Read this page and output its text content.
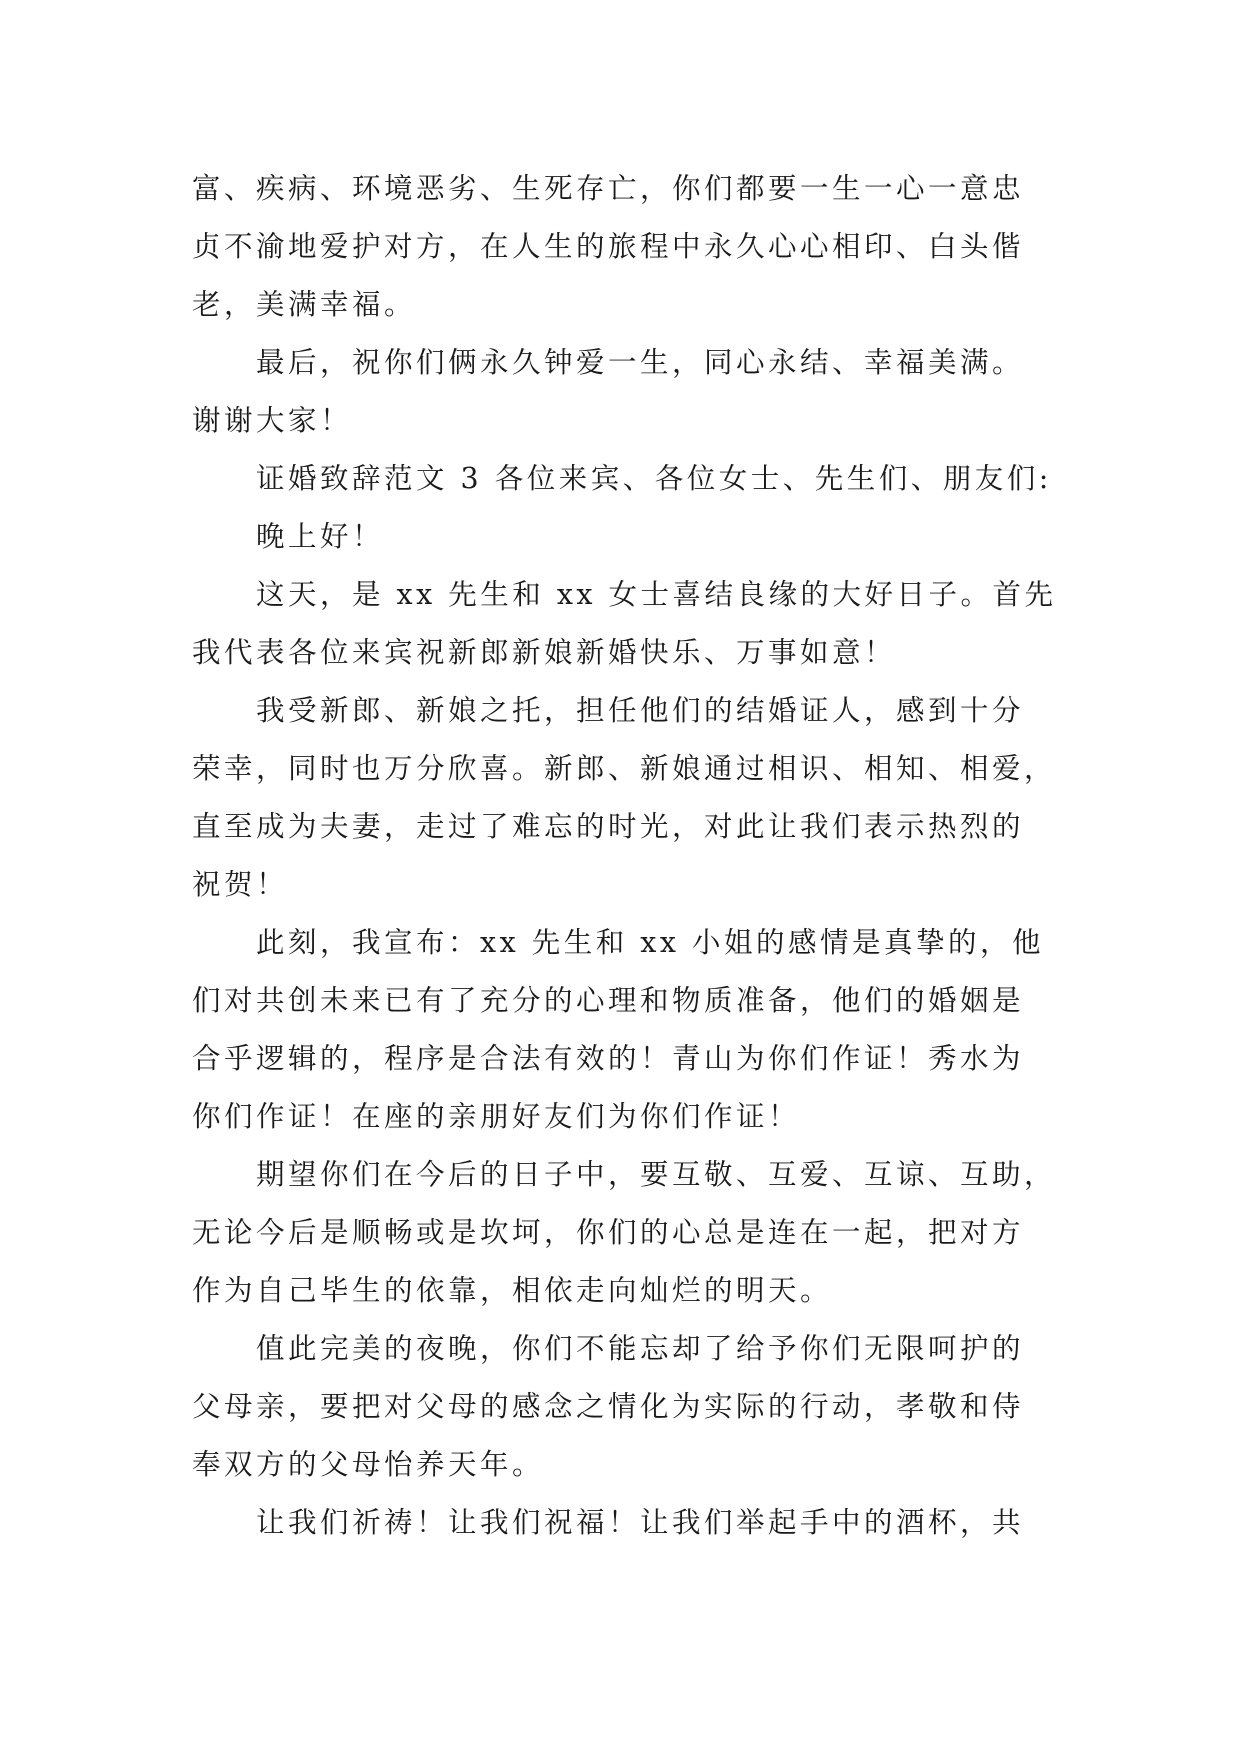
富、疾病、环境恶劣、生死存亡，你们都要一生一心一意忠
贞不渝地爱护对方，在人生的旅程中永久心心相印、白头偕
老，美满幸福。
最后，祝你们俩永久钟爱一生，同心永结、幸福美满。
谢谢大家！
证婚致辞范文 3 各位来宾、各位女士、先生们、朋友们:
晚上好！
这天，是 xx 先生和 xx 女士喜结良缘的大好日子。首先
我代表各位来宾祝新郎新娘新婚快乐、万事如意！
我受新郎、新娘之托，担任他们的结婚证人，感到十分
荣幸，同时也万分欣喜。新郎、新娘通过相识、相知、相爱，
直至成为夫妻，走过了难忘的时光，对此让我们表示热烈的
祝贺！
此刻，我宣布：xx 先生和 xx 小姐的感情是真挚的，他
们对共创未来已有了充分的心理和物质准备，他们的婚姻是
合乎逻辑的，程序是合法有效的！青山为你们作证！秀水为
你们作证！在座的亲朋好友们为你们作证！
期望你们在今后的日子中，要互敬、互爱、互谅、互助，
无论今后是顺畅或是坎坷，你们的心总是连在一起，把对方
作为自己毕生的依靠，相依走向灿烂的明天。
值此完美的夜晚，你们不能忘却了给予你们无限呵护的
父母亲，要把对父母的感念之情化为实际的行动，孝敬和侍
奉双方的父母怡养天年。
让我们祈祷！让我们祝福！让我们举起手中的酒杯，共
